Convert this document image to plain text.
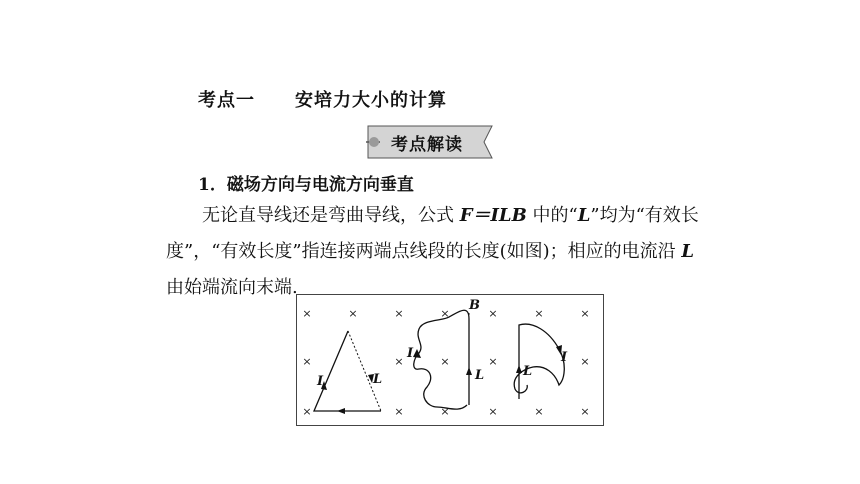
考点一 安培力大小的计算
考点解读
1．磁场方向与电流方向垂直
无论直导线还是弯曲导线，公式 F＝ILB 中的“L”均为“有效长度”，“有效长度”指连接两端点线段的长度(如图)；相应的电流沿 L 由始端流向末端.
×	×	×	×	×	×	×
×	×	×	×	×
×	×	×	×	×	×
I	L
I
L
B
I
L
